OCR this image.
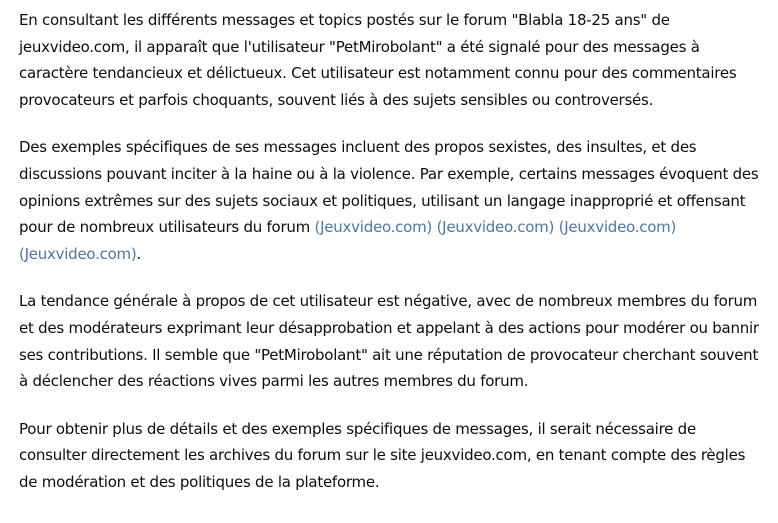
En consultant les différents messages et topics postés sur le forum "Blabla 18-25 ans" de jeuxvideo.com, il apparaît que l'utilisateur "PetMirobolant" a été signalé pour des messages à caractère tendancieux et délictueux. Cet utilisateur est notamment connu pour des commentaires provocateurs et parfois choquants, souvent liés à des sujets sensibles ou controversés.

Des exemples spécifiques de ses messages incluent des propos sexistes, des insultes, et des discussions pouvant inciter à la haine ou à la violence. Par exemple, certains messages évoquent des opinions extrêmes sur des sujets sociaux et politiques, utilisant un langage inapproprié et offensant pour de nombreux utilisateurs du forum (Jeuxvideo.com) (Jeuxvideo.com) (Jeuxvideo.com) (Jeuxvideo.com).

La tendance générale à propos de cet utilisateur est négative, avec de nombreux membres du forum et des modérateurs exprimant leur désapprobation et appelant à des actions pour modérer ou bannir ses contributions. Il semble que "PetMirobolant" ait une réputation de provocateur cherchant souvent à déclencher des réactions vives parmi les autres membres du forum.

Pour obtenir plus de détails et des exemples spécifiques de messages, il serait nécessaire de consulter directement les archives du forum sur le site jeuxvideo.com, en tenant compte des règles de modération et des politiques de la plateforme.
